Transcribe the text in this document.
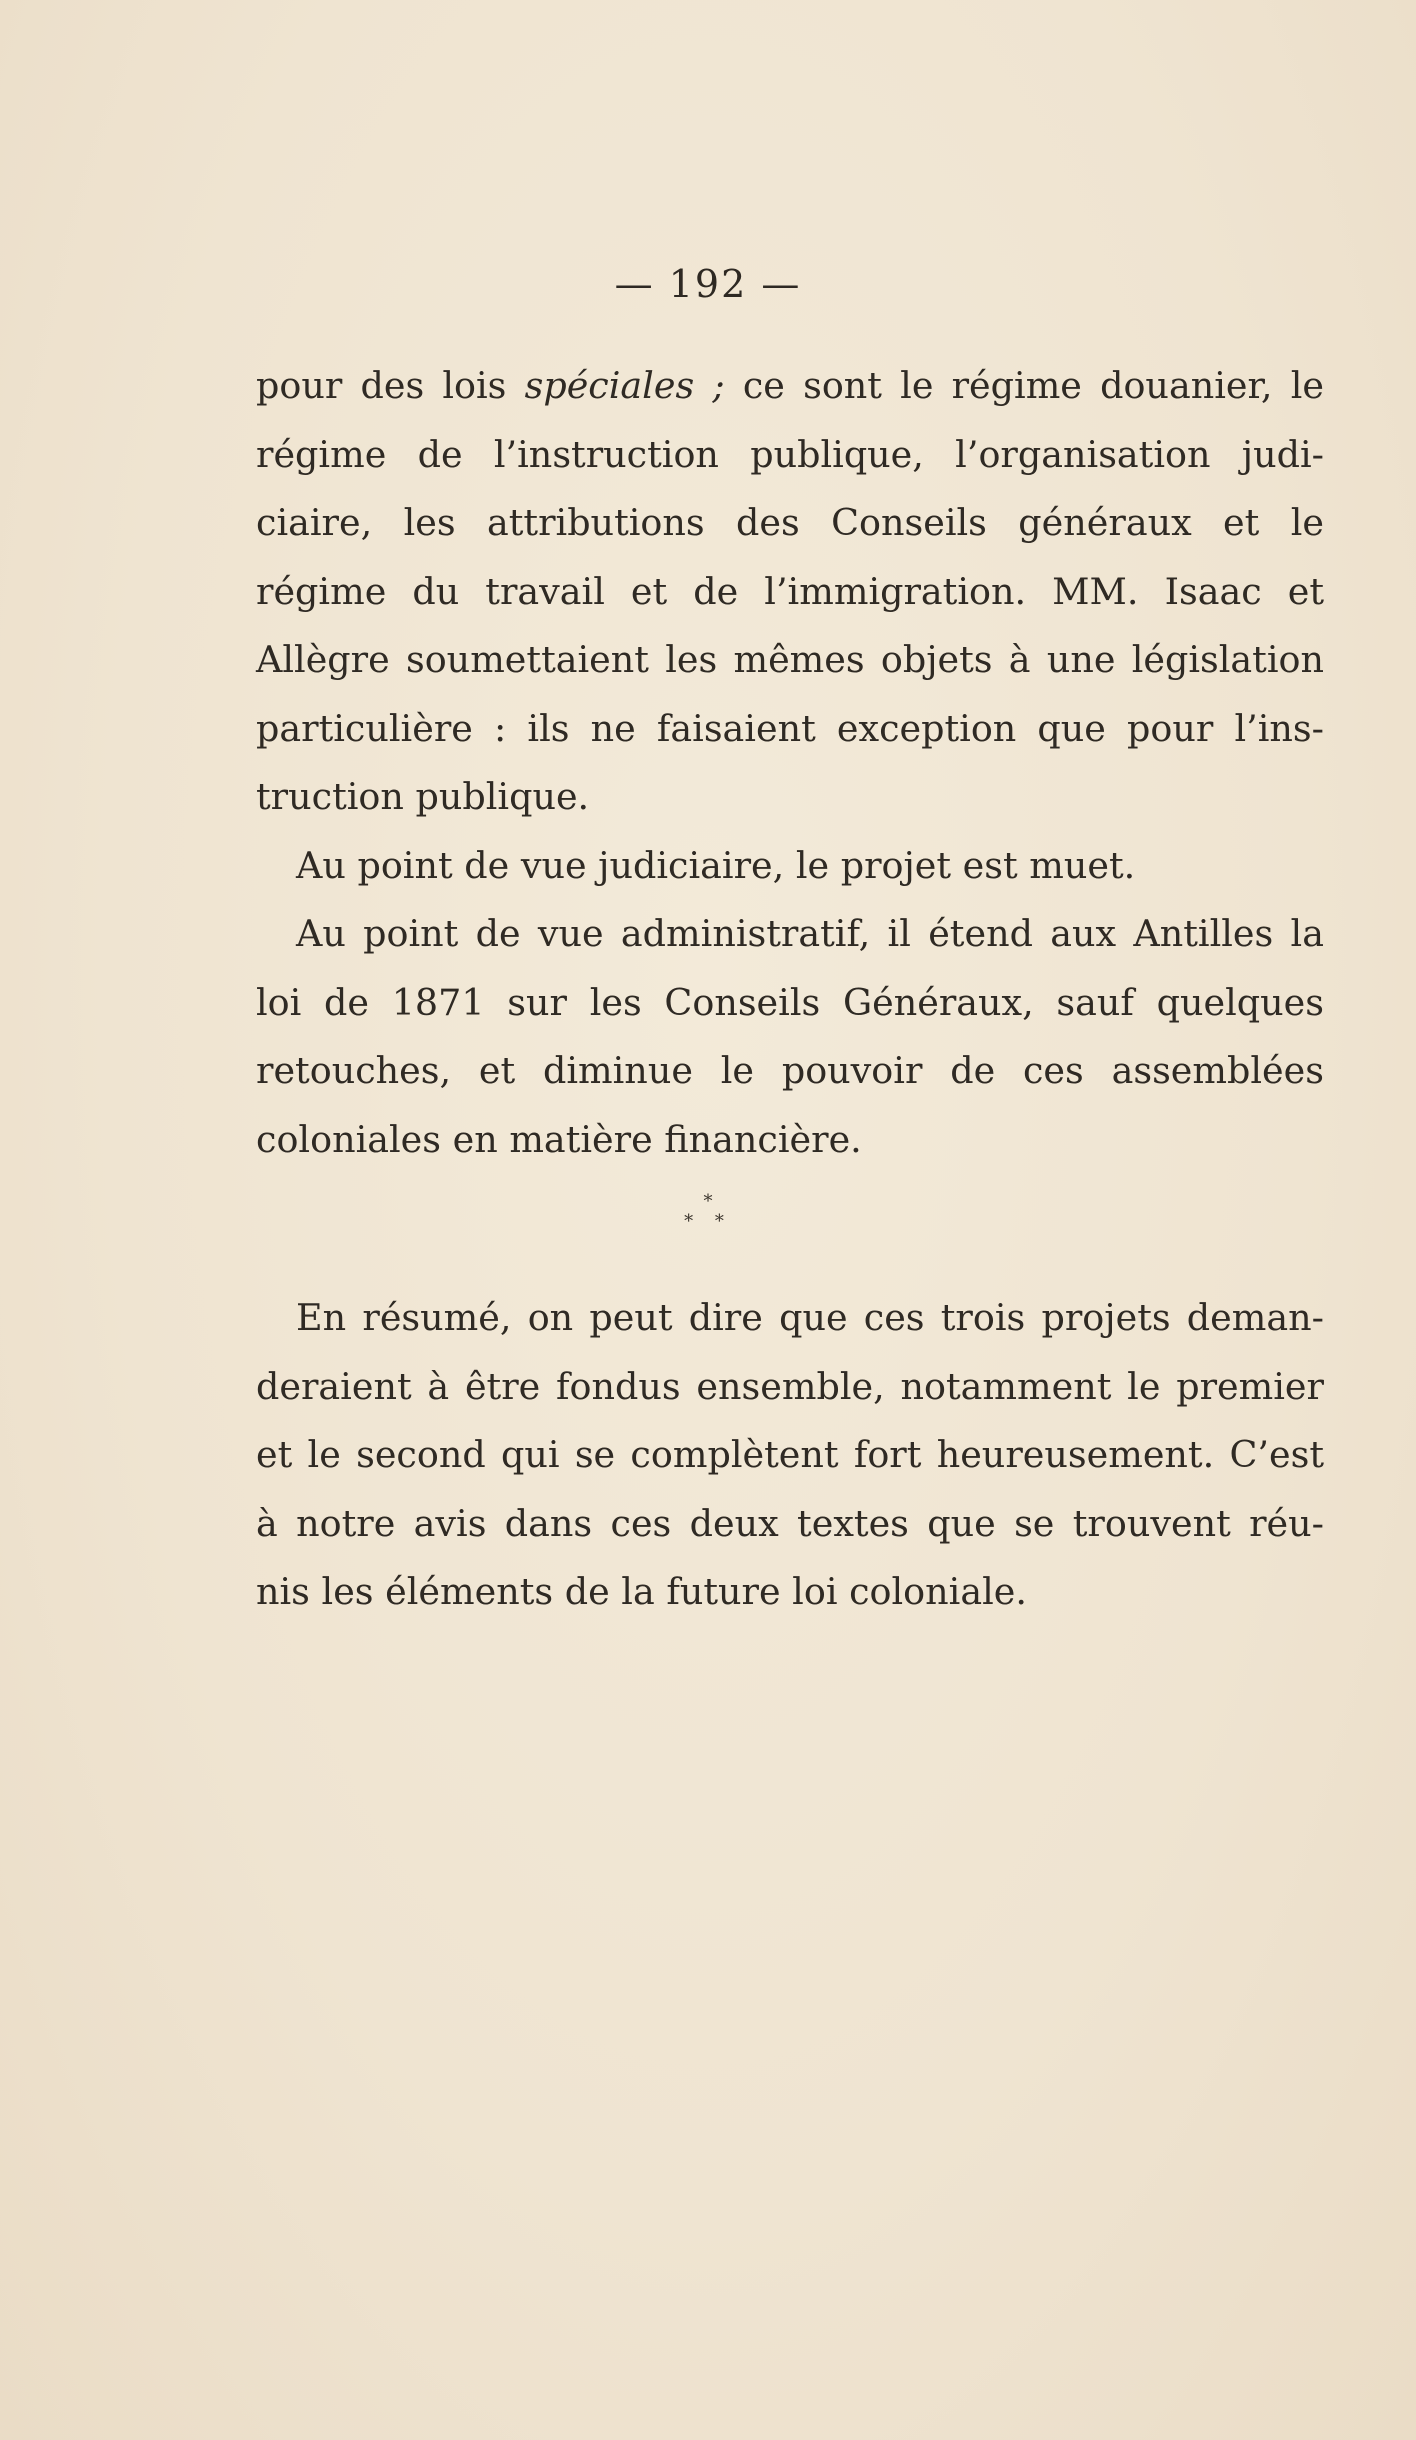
— 192 —
pour des lois spéciales ; ce sont le régime douanier, le
régime de l’instruction publique, l’organisation judi-
ciaire, les attributions des Conseils généraux et le
régime du travail et de l’immigration. MM. Isaac et
Allègre soumettaient les mêmes objets à une législation
particulière : ils ne faisaient exception que pour l’ins-
truction publique.
Au point de vue judiciaire, le projet est muet.
Au point de vue administratif, il étend aux Antilles la
loi de 1871 sur les Conseils Généraux, sauf quelques
retouches, et diminue le pouvoir de ces assemblées
coloniales en matière financière.
*
* *
En résumé, on peut dire que ces trois projets deman-
deraient à être fondus ensemble, notamment le premier
et le second qui se complètent fort heureusement. C’est
à notre avis dans ces deux textes que se trouvent réu-
nis les éléments de la future loi coloniale.
